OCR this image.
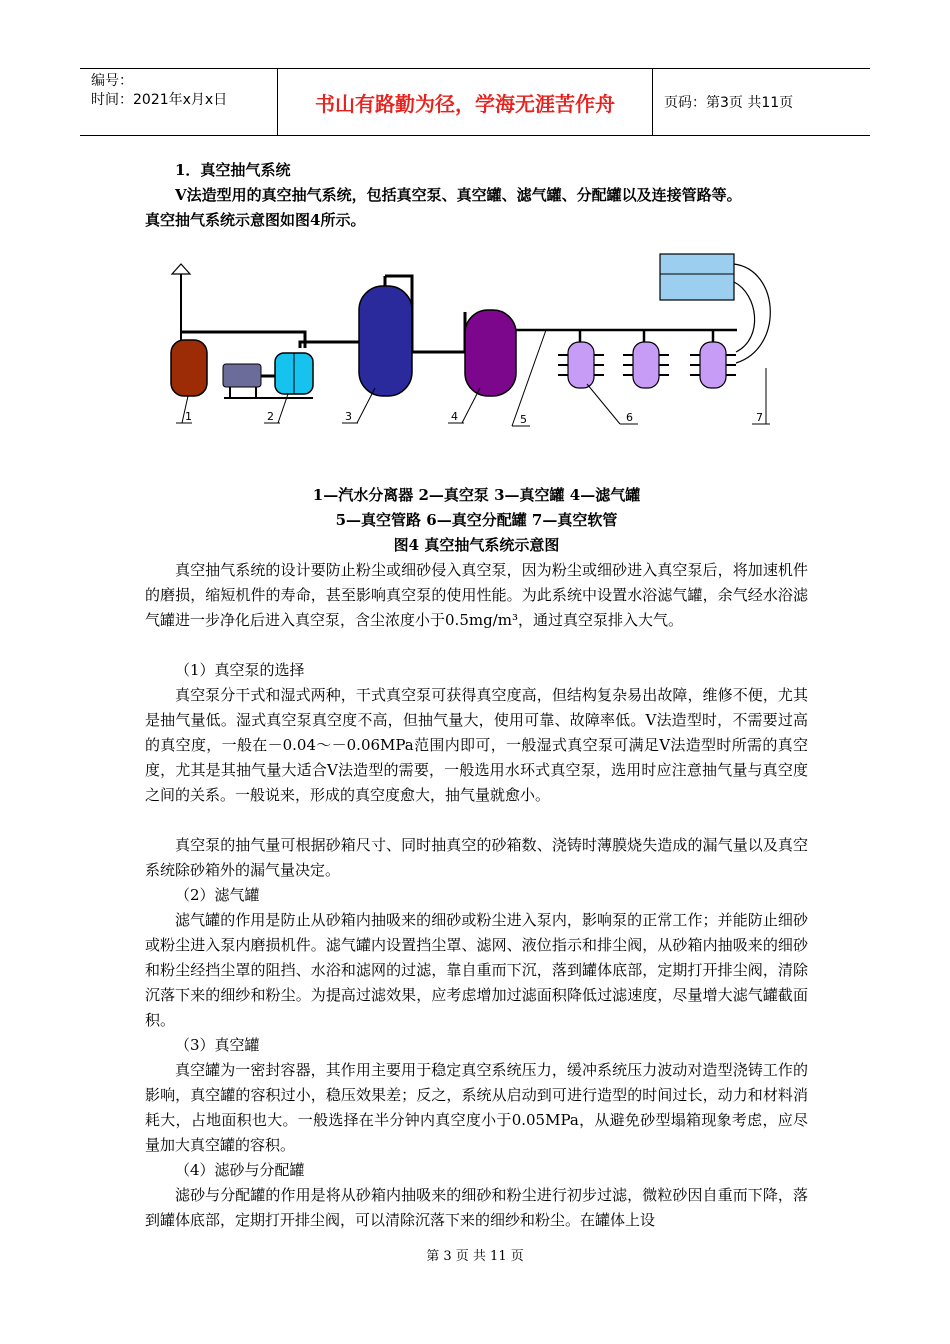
编号：
时间：2021年x月x日	书山有路勤为径，学海无涯苦作舟	页码：第3页 共11页
1．真空抽气系统
V法造型用的真空抽气系统，包括真空泵、真空罐、滤气罐、分配罐以及连接管路等。
真空抽气系统示意图如图4所示。
1	2	3	4	5	6	7
1—汽水分离器 2—真空泵 3—真空罐 4—滤气罐
5—真空管路 6—真空分配罐 7—真空软管
图4 真空抽气系统示意图
真空抽气系统的设计要防止粉尘或细砂侵入真空泵，因为粉尘或细砂进入真空泵后，将加速机件的磨损，缩短机件的寿命，甚至影响真空泵的使用性能。为此系统中设置水浴滤气罐，余气经水浴滤气罐进一步净化后进入真空泵，含尘浓度小于0.5mg/m³，通过真空泵排入大气。
（1）真空泵的选择
真空泵分干式和湿式两种，干式真空泵可获得真空度高，但结构复杂易出故障，维修不便，尤其是抽气量低。湿式真空泵真空度不高，但抽气量大，使用可靠、故障率低。V法造型时，不需要过高的真空度，一般在－0.04～－0.06MPa范围内即可，一般湿式真空泵可满足V法造型时所需的真空度，尤其是其抽气量大适合V法造型的需要，一般选用水环式真空泵，选用时应注意抽气量与真空度之间的关系。一般说来，形成的真空度愈大，抽气量就愈小。
真空泵的抽气量可根据砂箱尺寸、同时抽真空的砂箱数、浇铸时薄膜烧失造成的漏气量以及真空系统除砂箱外的漏气量决定。
（2）滤气罐
滤气罐的作用是防止从砂箱内抽吸来的细砂或粉尘进入泵内，影响泵的正常工作；并能防止细砂或粉尘进入泵内磨损机件。滤气罐内设置挡尘罩、滤网、液位指示和排尘阀，从砂箱内抽吸来的细砂和粉尘经挡尘罩的阻挡、水浴和滤网的过滤，靠自重而下沉，落到罐体底部，定期打开排尘阀，清除沉落下来的细纱和粉尘。为提高过滤效果，应考虑增加过滤面积降低过滤速度，尽量增大滤气罐截面积。
（3）真空罐
真空罐为一密封容器，其作用主要用于稳定真空系统压力，缓冲系统压力波动对造型浇铸工作的影响，真空罐的容积过小，稳压效果差；反之，系统从启动到可进行造型的时间过长，动力和材料消耗大，占地面积也大。一般选择在半分钟内真空度小于0.05MPa，从避免砂型塌箱现象考虑，应尽量加大真空罐的容积。
（4）滤砂与分配罐
滤砂与分配罐的作用是将从砂箱内抽吸来的细砂和粉尘进行初步过滤，微粒砂因自重而下降，落到罐体底部，定期打开排尘阀，可以清除沉落下来的细纱和粉尘。在罐体上设
第 3 页 共 11 页
